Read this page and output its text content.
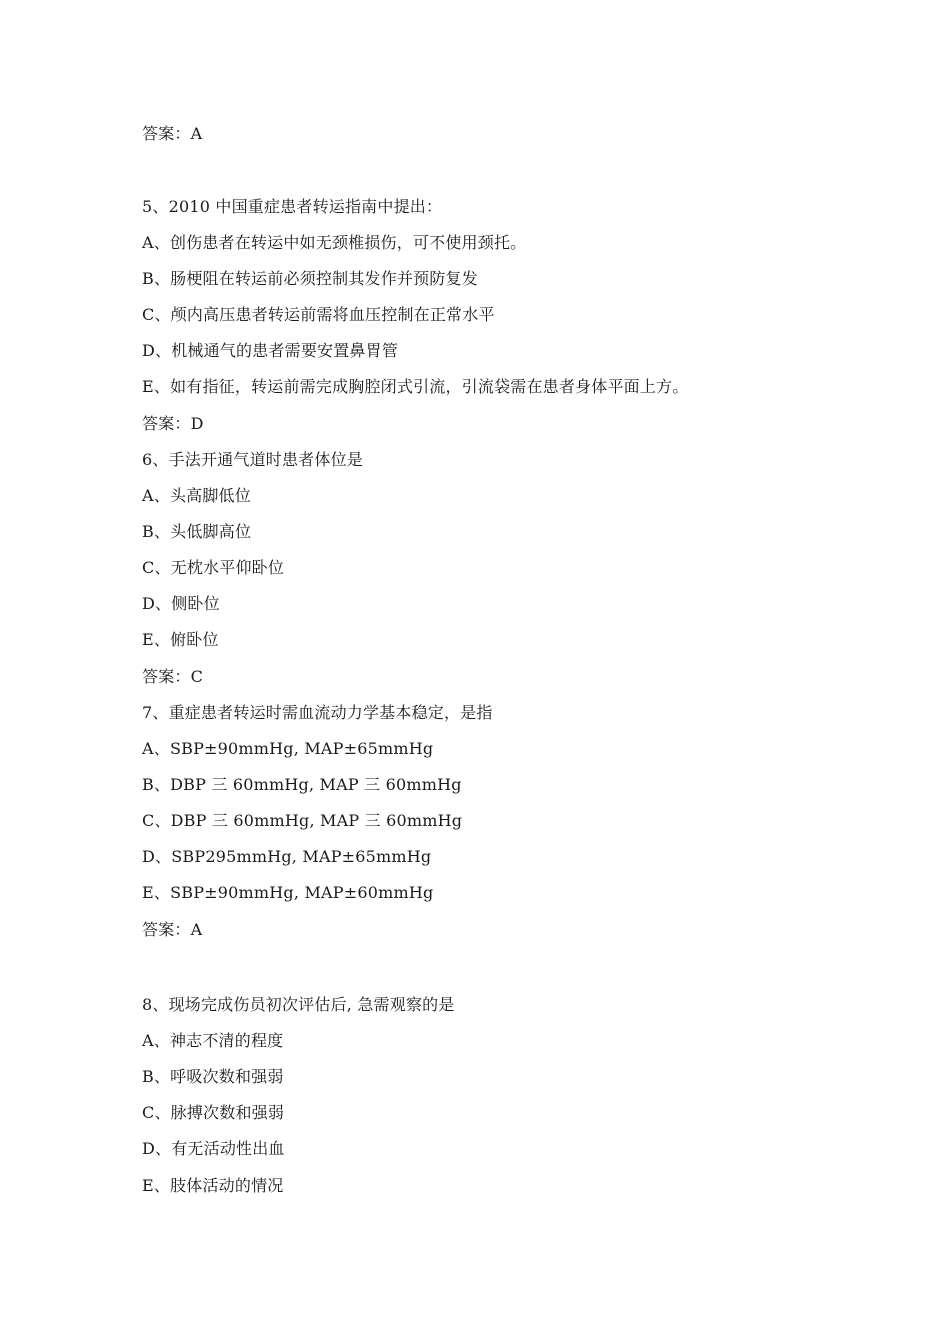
答案：A
5、2010 中国重症患者转运指南中提出：
A、创伤患者在转运中如无颈椎损伤，可不使用颈托。
B、肠梗阻在转运前必须控制其发作并预防复发
C、颅内高压患者转运前需将血压控制在正常水平
D、机械通气的患者需要安置鼻胃管
E、如有指征，转运前需完成胸腔闭式引流，引流袋需在患者身体平面上方。
答案：D
6、手法开通气道时患者体位是
A、头高脚低位
B、头低脚高位
C、无枕水平仰卧位
D、侧卧位
E、俯卧位
答案：C
7、重症患者转运时需血流动力学基本稳定，是指
A、SBP±90mmHg, MAP±65mmHg
B、DBP 三 60mmHg, MAP 三 60mmHg
C、DBP 三 60mmHg, MAP 三 60mmHg
D、SBP295mmHg, MAP±65mmHg
E、SBP±90mmHg, MAP±60mmHg
答案：A
8、现场完成伤员初次评估后, 急需观察的是
A、神志不清的程度
B、呼吸次数和强弱
C、脉搏次数和强弱
D、有无活动性出血
E、肢体活动的情况
